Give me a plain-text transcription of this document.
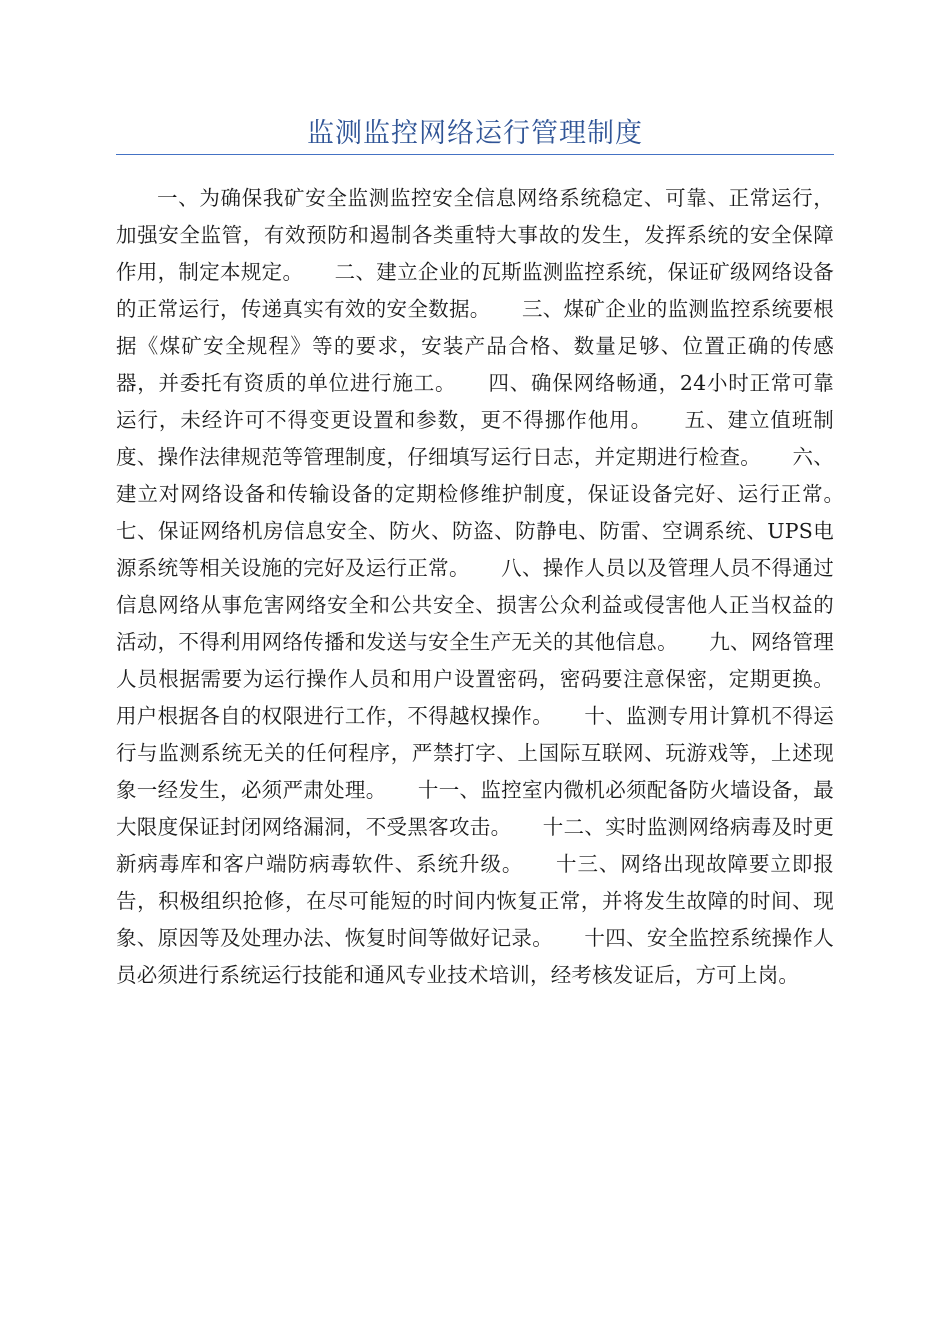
监测监控网络运行管理制度

一、为确保我矿安全监测监控安全信息网络系统稳定、可靠、正常运行，加强安全监管，有效预防和遏制各类重特大事故的发生，发挥系统的安全保障作用，制定本规定。　　二、建立企业的瓦斯监测监控系统，保证矿级网络设备的正常运行，传递真实有效的安全数据。　　三、煤矿企业的监测监控系统要根据《煤矿安全规程》等的要求，安装产品合格、数量足够、位置正确的传感器，并委托有资质的单位进行施工。　　四、确保网络畅通，24小时正常可靠运行，未经许可不得变更设置和参数，更不得挪作他用。　　五、建立值班制度、操作法律规范等管理制度，仔细填写运行日志，并定期进行检查。　　六、建立对网络设备和传输设备的定期检修维护制度，保证设备完好、运行正常。　　七、保证网络机房信息安全、防火、防盗、防静电、防雷、空调系统、UPS电源系统等相关设施的完好及运行正常。　　八、操作人员以及管理人员不得通过信息网络从事危害网络安全和公共安全、损害公众利益或侵害他人正当权益的活动，不得利用网络传播和发送与安全生产无关的其他信息。　　九、网络管理人员根据需要为运行操作人员和用户设置密码，密码要注意保密，定期更换。用户根据各自的权限进行工作，不得越权操作。　　十、监测专用计算机不得运行与监测系统无关的任何程序，严禁打字、上国际互联网、玩游戏等，上述现象一经发生，必须严肃处理。　　十一、监控室内微机必须配备防火墙设备，最大限度保证封闭网络漏洞，不受黑客攻击。　　十二、实时监测网络病毒及时更新病毒库和客户端防病毒软件、系统升级。　　十三、网络出现故障要立即报告，积极组织抢修，在尽可能短的时间内恢复正常，并将发生故障的时间、现象、原因等及处理办法、恢复时间等做好记录。　　十四、安全监控系统操作人员必须进行系统运行技能和通风专业技术培训，经考核发证后，方可上岗。
